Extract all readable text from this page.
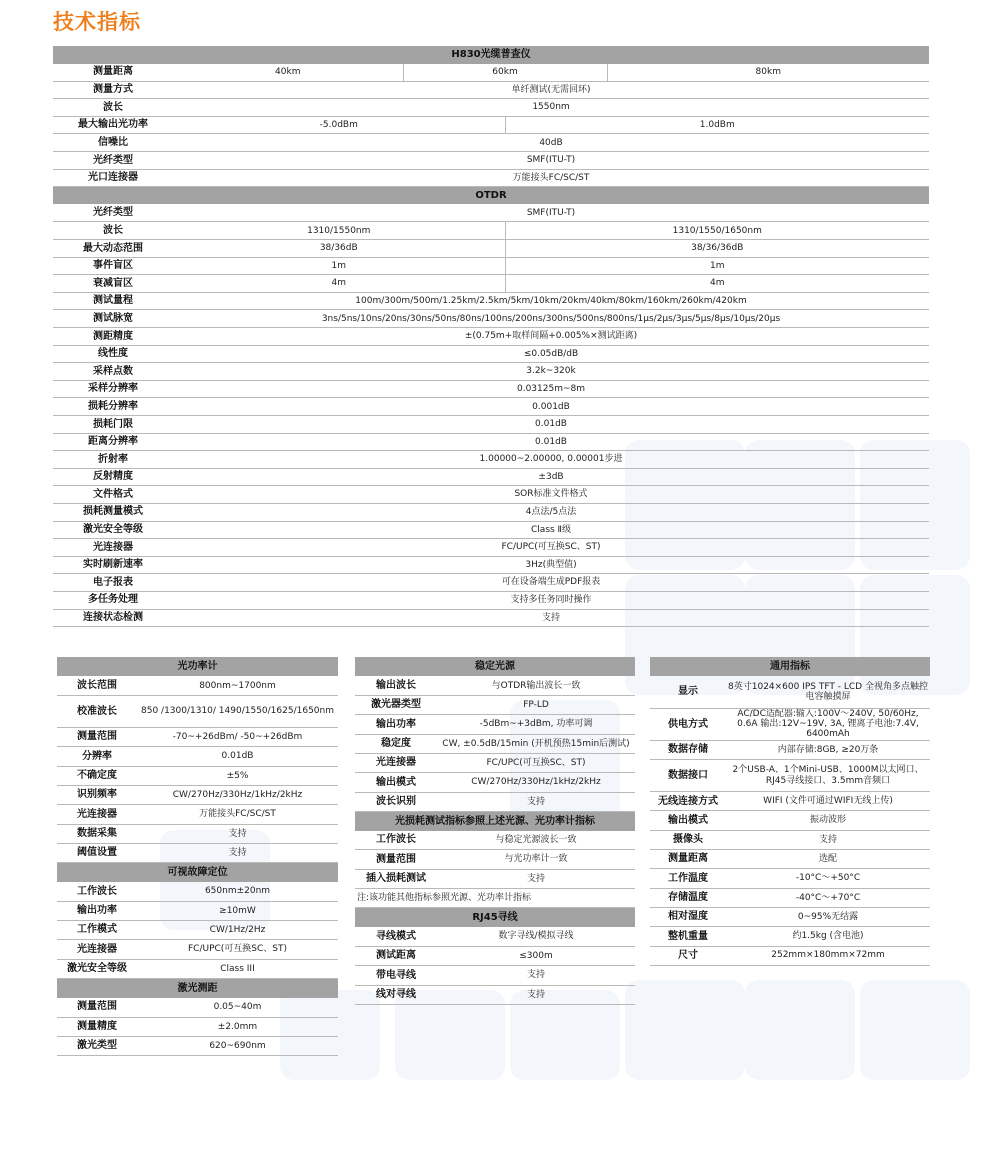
技术指标
H830光缆普查仪				
测量距离	40km	60km		80km
测量方式	单纤测试(无需回环)			
波长	1550nm			
最大输出光功率	-5.0dBm		1.0dBm	
信噪比	40dB			
光纤类型	SMF(ITU-T)			
光口连接器	万能接头FC/SC/ST			
OTDR				
光纤类型	SMF(ITU-T)			
波长	1310/1550nm		1310/1550/1650nm	
最大动态范围	38/36dB		38/36/36dB	
事件盲区	1m		1m	
衰减盲区	4m		4m	
测试量程	100m/300m/500m/1.25km/2.5km/5km/10km/20km/40km/80km/160km/260km/420km			
测试脉宽	3ns/5ns/10ns/20ns/30ns/50ns/80ns/100ns/200ns/300ns/500ns/800ns/1μs/2μs/3μs/5μs/8μs/10μs/20μs			
测距精度	±(0.75m+取样间隔+0.005%×测试距离)			
线性度	≤0.05dB/dB			
采样点数	3.2k~320k			
采样分辨率	0.03125m~8m			
损耗分辨率	0.001dB			
损耗门限	0.01dB			
距离分辨率	0.01dB			
折射率	1.00000~2.00000, 0.00001步进			
反射精度	±3dB			
文件格式	SOR标准文件格式			
损耗测量模式	4点法/5点法			
激光安全等级	Class Ⅱ级			
光连接器	FC/UPC(可互换SC、ST)			
实时刷新速率	3Hz(典型值)			
电子报表	可在设备端生成PDF报表			
多任务处理	支持多任务同时操作			
连接状态检测	支持			
光功率计	
波长范围	800nm~1700nm
校准波长	850 /1300/1310/ 1490/1550/1625/1650nm
测量范围	-70~+26dBm/ -50~+26dBm
分辨率	0.01dB
不确定度	±5%
识别频率	CW/270Hz/330Hz/1kHz/2kHz
光连接器	万能接头FC/SC/ST
数据采集	支持
阈值设置	支持
可视故障定位	
工作波长	650nm±20nm
输出功率	≥10mW
工作模式	CW/1Hz/2Hz
光连接器	FC/UPC(可互换SC、ST)
激光安全等级	Class III
激光测距	
测量范围	0.05~40m
测量精度	±2.0mm
激光类型	620~690nm
稳定光源	
输出波长	与OTDR输出波长一致
激光器类型	FP-LD
输出功率	-5dBm~+3dBm, 功率可调
稳定度	CW, ±0.5dB/15min (开机预热15min后测试)
光连接器	FC/UPC(可互换SC、ST)
输出模式	CW/270Hz/330Hz/1kHz/2kHz
波长识别	支持
光损耗测试指标参照上述光源、光功率计指标	
工作波长	与稳定光源波长一致
测量范围	与光功率计一致
插入损耗测试	支持
注:该功能其他指标参照光源、光功率计指标	
RJ45寻线	
寻线模式	数字寻线/模拟寻线
测试距离	≤300m
带电寻线	支持
线对寻线	支持
通用指标	
显示	8英寸1024×600 IPS TFT - LCD 全视角多点触控电容触摸屏
供电方式	AC/DC适配器:输入:100V～240V, 50/60Hz, 0.6A 输出:12V~19V, 3A, 锂离子电池:7.4V, 6400mAh
数据存储	内部存储:8GB, ≥20万条
数据接口	2个USB-A、1个Mini-USB、1000M以太网口、RJ45寻线接口、3.5mm音频口
无线连接方式	WIFI (文件可通过WIFI无线上传)
输出模式	振动波形
摄像头	支持
测量距离	选配
工作温度	-10°C～+50°C
存储温度	-40°C～+70°C
相对湿度	0~95%无结露
整机重量	约1.5kg (含电池)
尺寸	252mm×180mm×72mm
